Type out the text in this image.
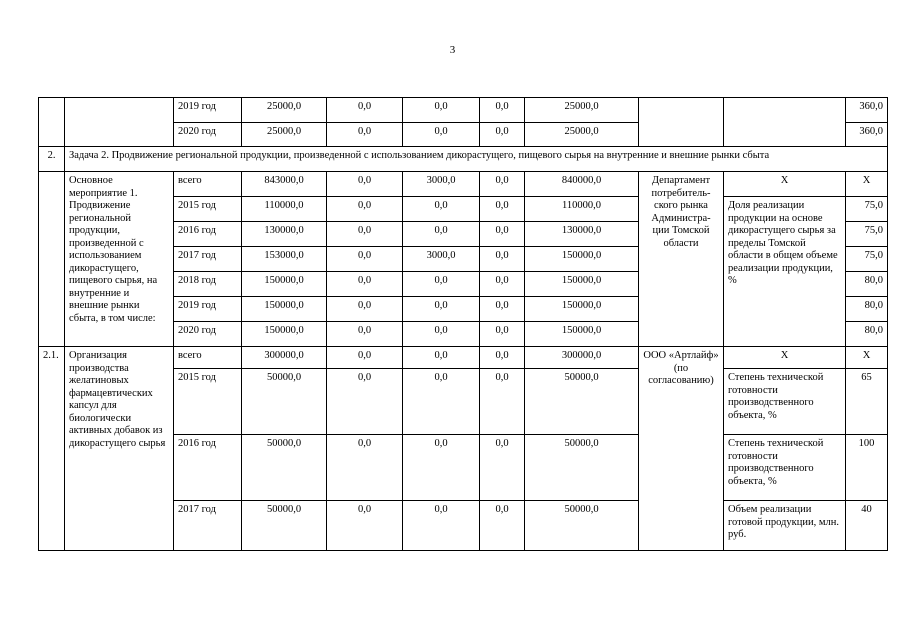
3
		2019 год	25000,0	0,0	0,0	0,0	25000,0			360,0
		2020 год	25000,0	0,0	0,0	0,0	25000,0			360,0
2.	Задача 2. Продвижение региональной продукции, произведенной с использованием дикорастущего, пищевого сырья на внутренние и внешние рынки сбыта									
	Основное мероприятие 1. Продвижение региональной продукции, произведенной с использованием дикорастущего, пищевого сырья, на внутренние и внешние рынки сбыта, в том числе:	всего	843000,0	0,0	3000,0	0,0	840000,0	Департамент потребитель-ского рынка Администра-ции Томской области	Х	Х
		2015 год	110000,0	0,0	0,0	0,0	110000,0		Доля реализации продукции на основе дикорастущего сырья за пределы Томской области в общем объеме реализации продукции, %	75,0
		2016 год	130000,0	0,0	0,0	0,0	130000,0			75,0
		2017 год	153000,0	0,0	3000,0	0,0	150000,0			75,0
		2018 год	150000,0	0,0	0,0	0,0	150000,0			80,0
		2019 год	150000,0	0,0	0,0	0,0	150000,0			80,0
		2020 год	150000,0	0,0	0,0	0,0	150000,0			80,0
2.1.	Организация производства желатиновых фармацевтических капсул для биологически активных добавок из дикорастущего сырья	всего	300000,0	0,0	0,0	0,0	300000,0	ООО «Артлайф» (по согласованию)	Х	Х
		2015 год	50000,0	0,0	0,0	0,0	50000,0		Степень технической готовности производственного объекта, %	65
		2016 год	50000,0	0,0	0,0	0,0	50000,0		Степень технической готовности производственного объекта, %	100
		2017 год	50000,0	0,0	0,0	0,0	50000,0		Объем реализации готовой продукции, млн. руб.	40
